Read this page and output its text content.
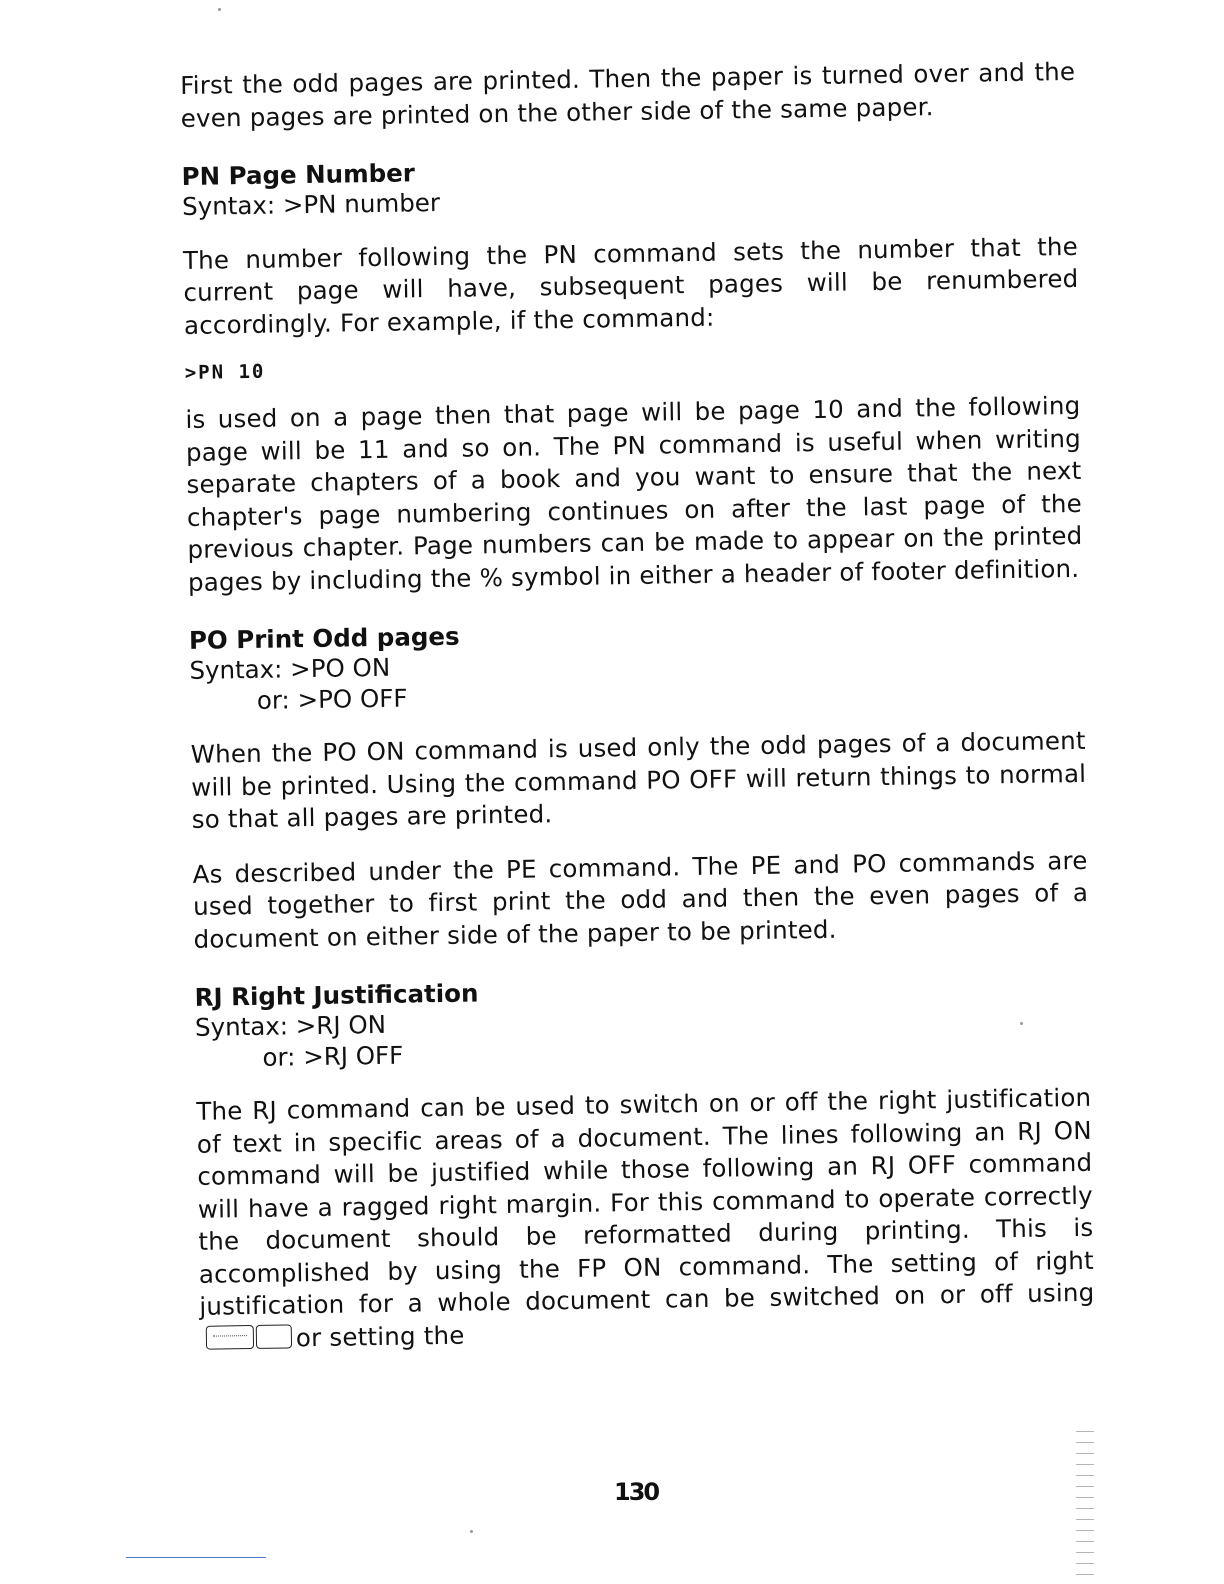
First the odd pages are printed. Then the paper is turned over and the even pages are printed on the other side of the same paper.

PN Page Number
Syntax: >PN number

The number following the PN command sets the number that the current page will have, subsequent pages will be renumbered accordingly. For example, if the command:

>PN 10

is used on a page then that page will be page 10 and the following page will be 11 and so on. The PN command is useful when writing separate chapters of a book and you want to ensure that the next chapter's page numbering continues on after the last page of the previous chapter. Page numbers can be made to appear on the printed pages by including the % symbol in either a header of footer definition.

PO Print Odd pages
Syntax: >PO ON
or: >PO OFF

When the PO ON command is used only the odd pages of a document will be printed. Using the command PO OFF will return things to normal so that all pages are printed.

As described under the PE command. The PE and PO commands are used together to first print the odd and then the even pages of a document on either side of the paper to be printed.

RJ Right Justification
Syntax: >RJ ON
or: >RJ OFF

The RJ command can be used to switch on or off the right justification of text in specific areas of a document. The lines following an RJ ON command will be justified while those following an RJ OFF command will have a ragged right margin. For this command to operate correctly the document should be reformatted during printing. This is accomplished by using the FP ON command. The setting of right justification for a whole document can be switched on or off using
or setting the

130
